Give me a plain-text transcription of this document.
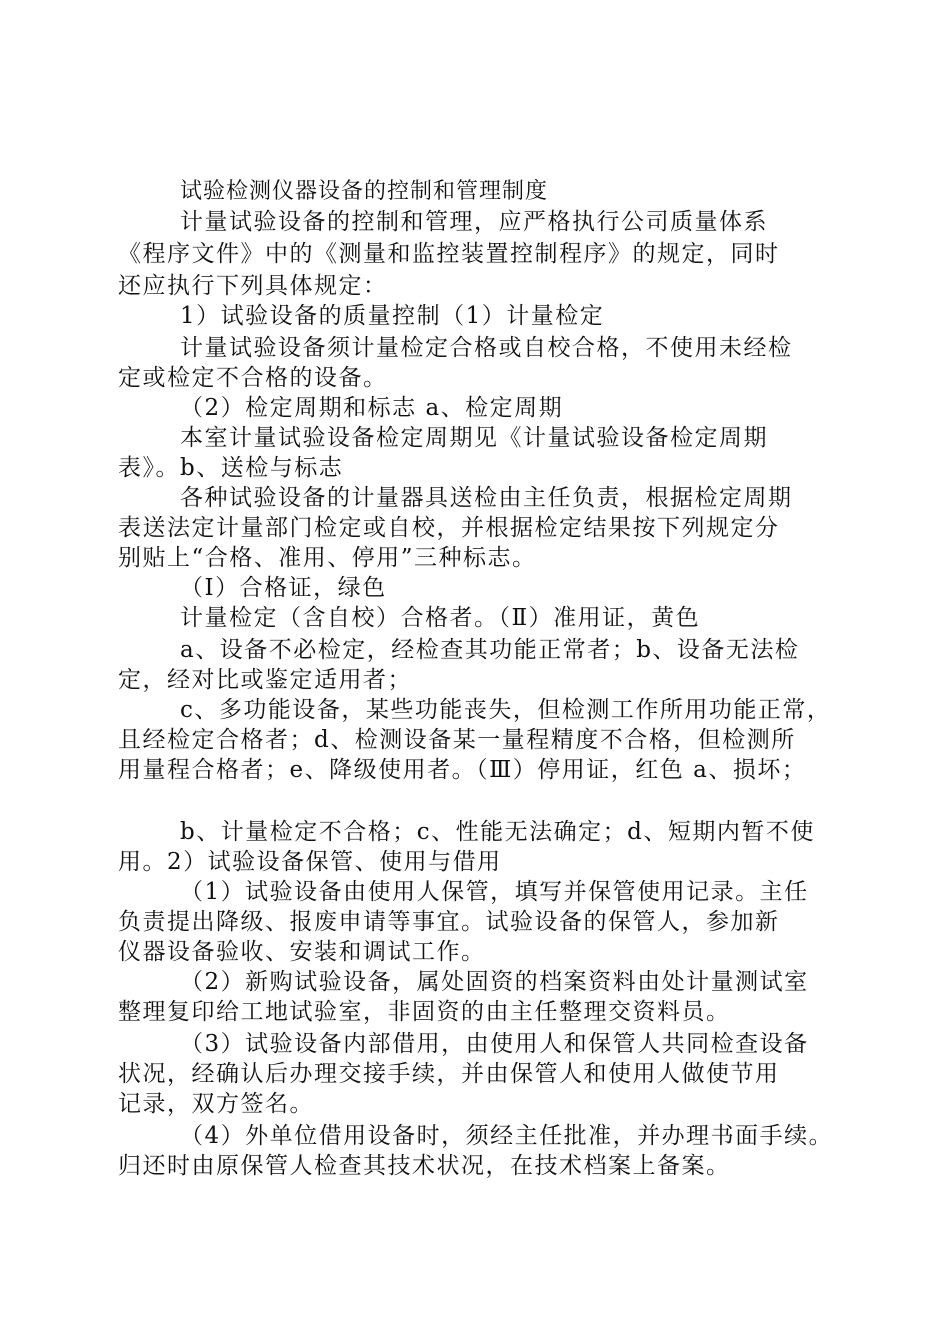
试验检测仪器设备的控制和管理制度
计量试验设备的控制和管理，应严格执行公司质量体系
《程序文件》中的《测量和监控装置控制程序》的规定，同时
还应执行下列具体规定：
1）试验设备的质量控制（1）计量检定
计量试验设备须计量检定合格或自校合格，不使用未经检
定或检定不合格的设备。
（2）检定周期和标志 a、检定周期
本室计量试验设备检定周期见《计量试验设备检定周期
表》。b、送检与标志
各种试验设备的计量器具送检由主任负责，根据检定周期
表送法定计量部门检定或自校，并根据检定结果按下列规定分
别贴上“合格、准用、停用”三种标志。
（Ⅰ）合格证，绿色
计量检定（含自校）合格者。（Ⅱ）准用证，黄色
a、设备不必检定，经检查其功能正常者；b、设备无法检
定，经对比或鉴定适用者；
c、多功能设备，某些功能丧失，但检测工作所用功能正常，
且经检定合格者；d、检测设备某一量程精度不合格，但检测所
用量程合格者；e、降级使用者。（Ⅲ）停用证，红色 a、损坏；
b、计量检定不合格；c、性能无法确定；d、短期内暂不使
用。2）试验设备保管、使用与借用
（1）试验设备由使用人保管，填写并保管使用记录。主任
负责提出降级、报废申请等事宜。试验设备的保管人，参加新
仪器设备验收、安装和调试工作。
（2）新购试验设备，属处固资的档案资料由处计量测试室
整理复印给工地试验室，非固资的由主任整理交资料员。
（3）试验设备内部借用，由使用人和保管人共同检查设备
状况，经确认后办理交接手续，并由保管人和使用人做使节用
记录，双方签名。
（4）外单位借用设备时，须经主任批准，并办理书面手续。
归还时由原保管人检查其技术状况，在技术档案上备案。
